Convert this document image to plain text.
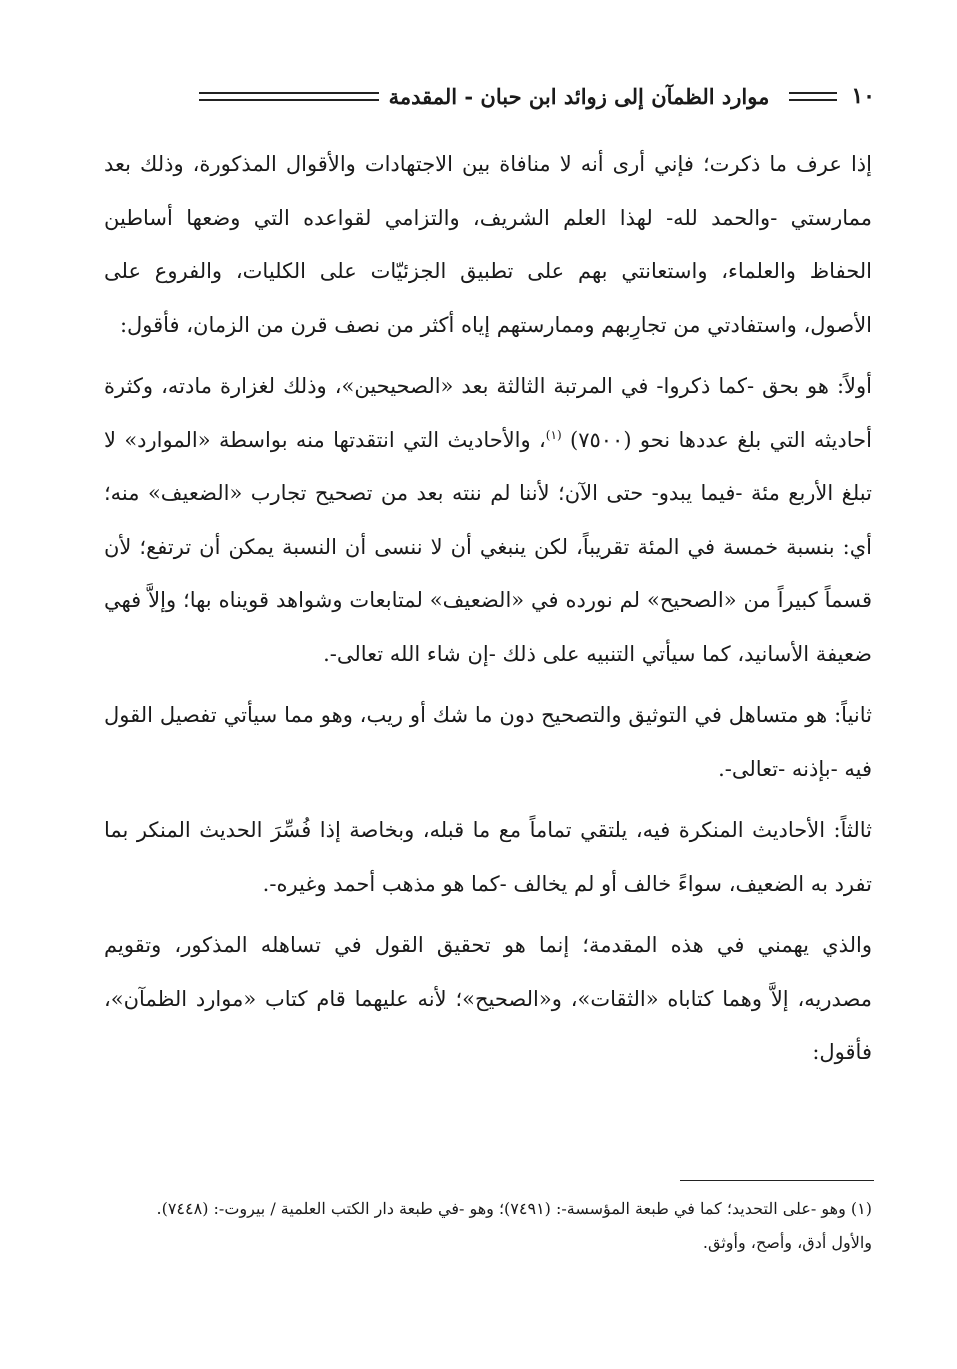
١٠
موارد الظمآن إلى زوائد ابن حبان - المقدمة

إذا عرف ما ذكرت؛ فإني أرى أنه لا منافاة بين الاجتهادات والأقوال المذكورة، وذلك بعد ممارستي -والحمد لله- لهذا العلم الشريف، والتزامي لقواعده التي وضعها أساطين الحفاظ والعلماء، واستعانتي بهم على تطبيق الجزئيّات على الكليات، والفروع على الأصول، واستفادتي من تجارِبهم وممارستهم إياه أكثر من نصف قرن من الزمان، فأقول:

أولاً: هو بحق -كما ذكروا- في المرتبة الثالثة بعد «الصحيحين»، وذلك لغزارة مادته، وكثرة أحاديثه التي بلغ عددها نحو (٧٥٠٠) $^{(١)}$، والأحاديث التي انتقدتها منه بواسطة «الموارد» لا تبلغ الأربع مئة -فيما يبدو- حتى الآن؛ لأننا لم ننته بعد من تصحيح تجارب «الضعيف» منه؛ أي: بنسبة خمسة في المئة تقريباً، لكن ينبغي أن لا ننسى أن النسبة يمكن أن ترتفع؛ لأن قسماً كبيراً من «الصحيح» لم نورده في «الضعيف» لمتابعات وشواهد قويناه بها؛ وإلاَّ فهي ضعيفة الأسانيد، كما سيأتي التنبيه على ذلك -إن شاء الله تعالى-.

ثانياً: هو متساهل في التوثيق والتصحيح دون ما شك أو ريب، وهو مما سيأتي تفصيل القول فيه -بإذنه -تعالى-.

ثالثاً: الأحاديث المنكرة فيه، يلتقي تماماً مع ما قبله، وبخاصة إذا فُسِّرَ الحديث المنكر بما تفرد به الضعيف، سواءً خالف أو لم يخالف -كما هو مذهب أحمد وغيره-.

والذي يهمني في هذه المقدمة؛ إنما هو تحقيق القول في تساهله المذكور، وتقويم مصدريه، إلاَّ وهما كتاباه «الثقات»، و«الصحيح»؛ لأنه عليهما قام كتاب «موارد الظمآن»، فأقول:

(١) وهو -على التحديد؛ كما في طبعة المؤسسة-: (٧٤٩١)؛ وهو -في طبعة دار الكتب العلمية / بيروت-: (٧٤٤٨).

والأول أدق، وأصح، وأوثق.
